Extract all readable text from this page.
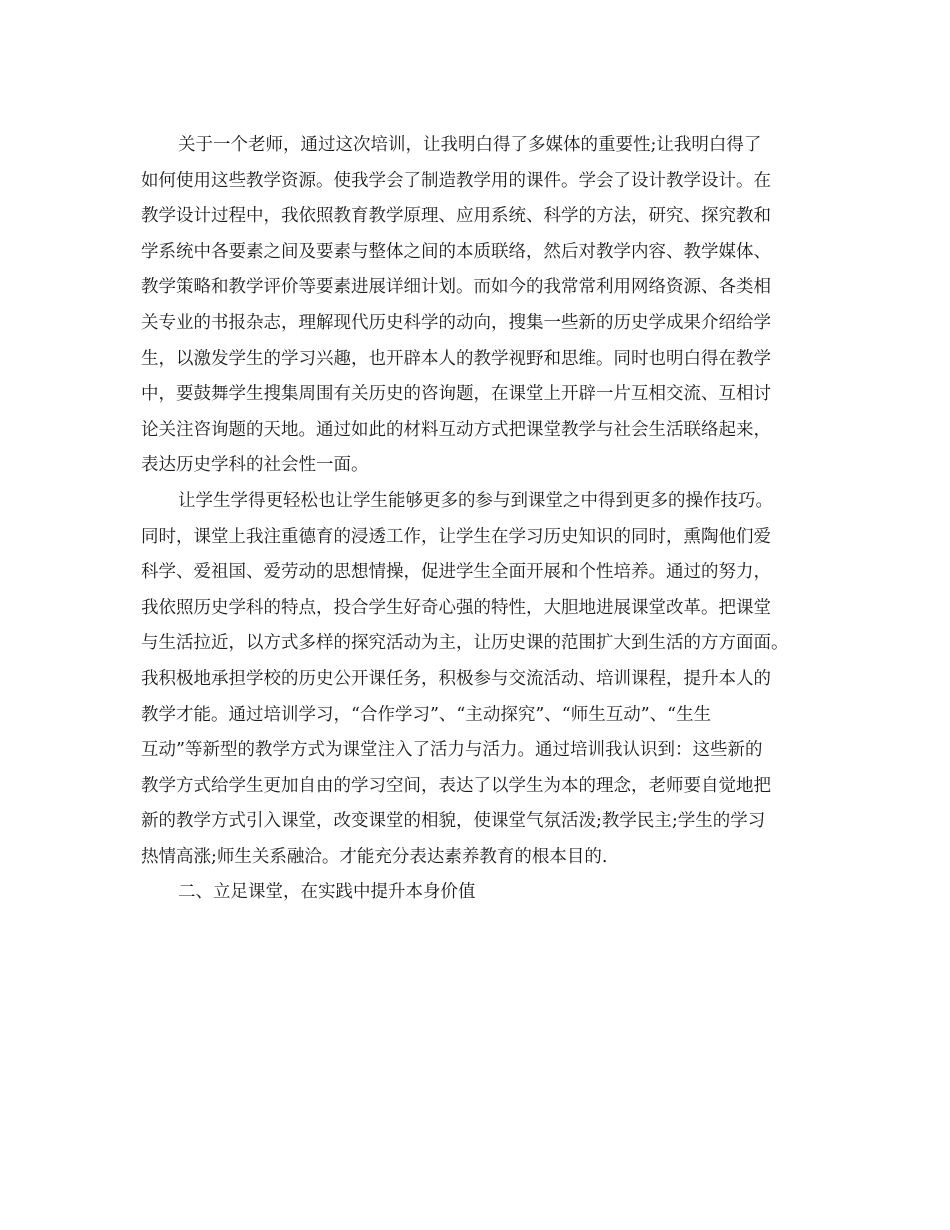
关于一个老师，通过这次培训，让我明白得了多媒体的重要性;让我明白得了
如何使用这些教学资源。使我学会了制造教学用的课件。学会了设计教学设计。在
教学设计过程中，我依照教育教学原理、应用系统、科学的方法，研究、探究教和
学系统中各要素之间及要素与整体之间的本质联络，然后对教学内容、教学媒体、
教学策略和教学评价等要素进展详细计划。而如今的我常常利用网络资源、各类相
关专业的书报杂志，理解现代历史科学的动向，搜集一些新的历史学成果介绍给学
生，以激发学生的学习兴趣，也开辟本人的教学视野和思维。同时也明白得在教学
中，要鼓舞学生搜集周围有关历史的咨询题，在课堂上开辟一片互相交流、互相讨
论关注咨询题的天地。通过如此的材料互动方式把课堂教学与社会生活联络起来，
表达历史学科的社会性一面。
让学生学得更轻松也让学生能够更多的参与到课堂之中得到更多的操作技巧。
同时，课堂上我注重德育的浸透工作，让学生在学习历史知识的同时，熏陶他们爱
科学、爱祖国、爱劳动的思想情操，促进学生全面开展和个性培养。通过的努力，
我依照历史学科的特点，投合学生好奇心强的特性，大胆地进展课堂改革。把课堂
与生活拉近，以方式多样的探究活动为主，让历史课的范围扩大到生活的方方面面。
我积极地承担学校的历史公开课任务，积极参与交流活动、培训课程，提升本人的
教学才能。通过培训学习，“合作学习”、“主动探究”、“师生互动”、“生生
互动”等新型的教学方式为课堂注入了活力与活力。通过培训我认识到：这些新的
教学方式给学生更加自由的学习空间，表达了以学生为本的理念，老师要自觉地把
新的教学方式引入课堂，改变课堂的相貌，使课堂气氛活泼;教学民主;学生的学习
热情高涨;师生关系融洽。才能充分表达素养教育的根本目的.
二、立足课堂，在实践中提升本身价值
